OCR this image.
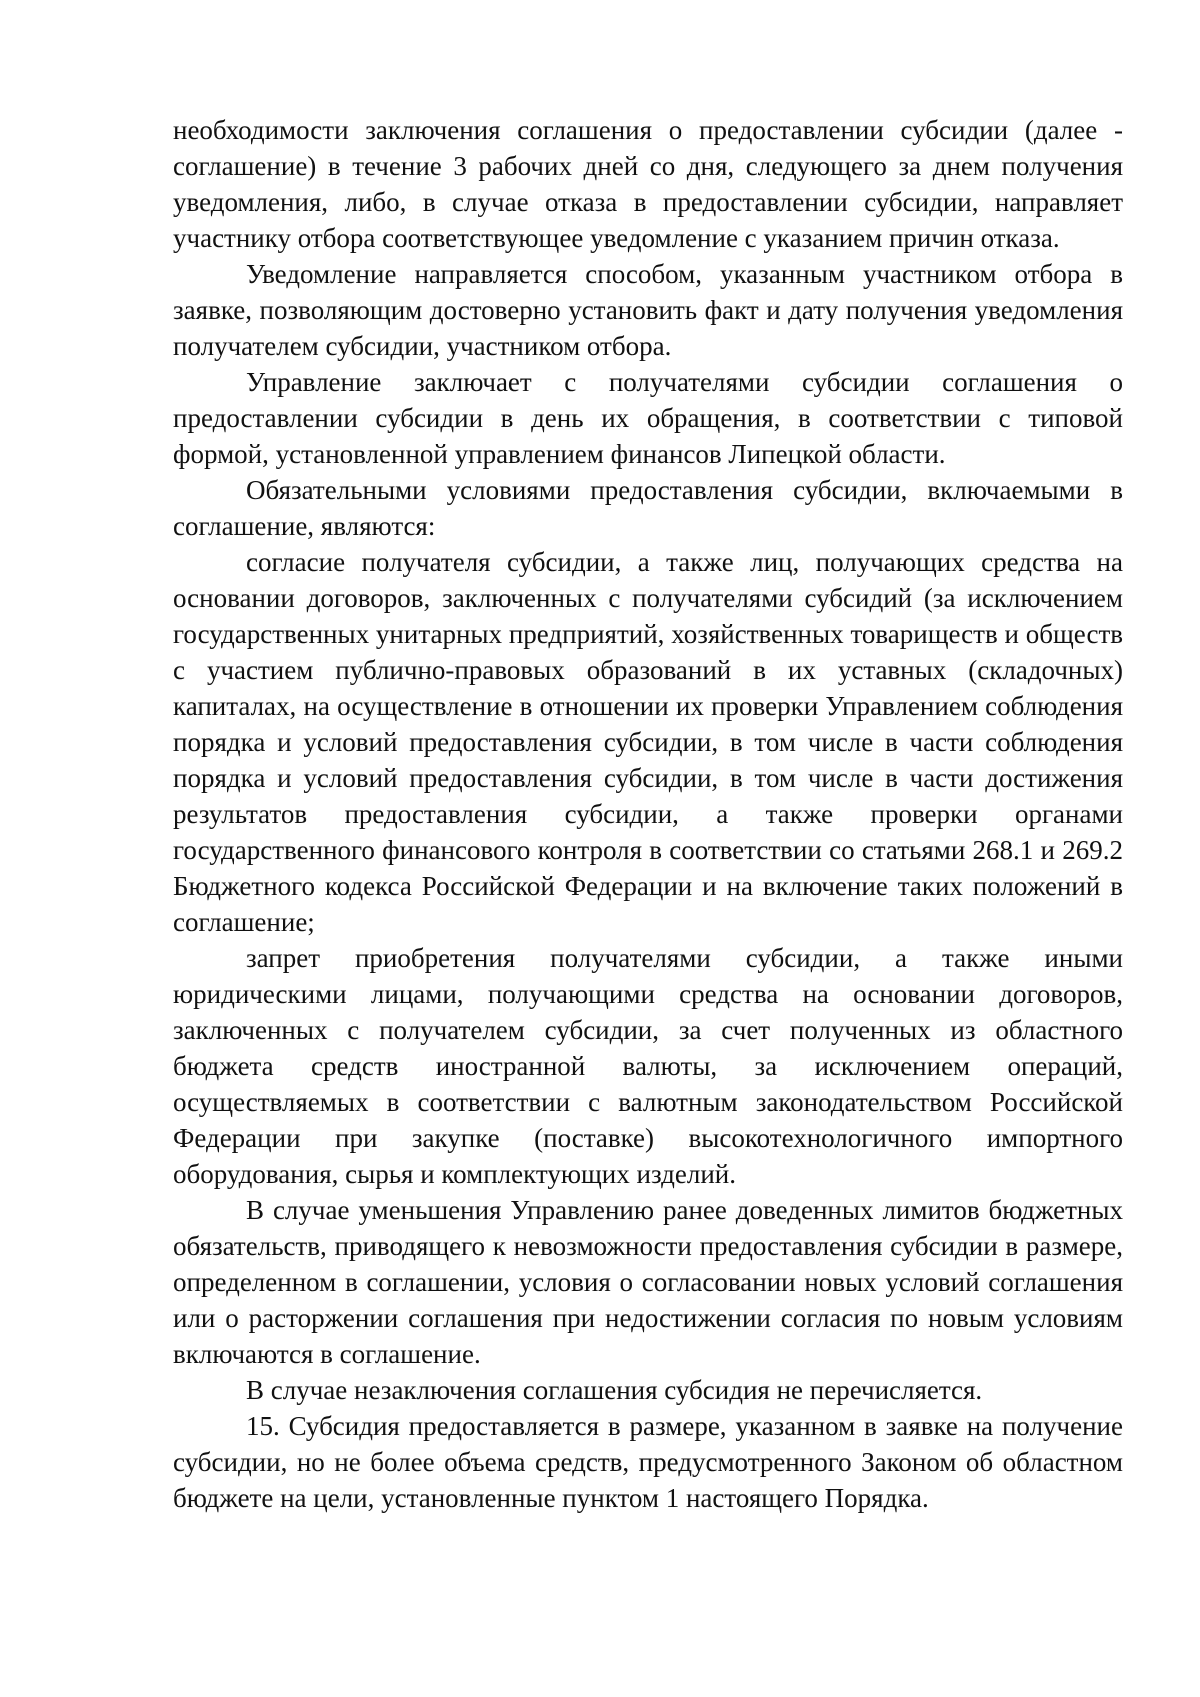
необходимости заключения соглашения о предоставлении субсидии (далее - соглашение) в течение 3 рабочих дней со дня, следующего за днем получения уведомления, либо, в случае отказа в предоставлении субсидии, направляет участнику отбора соответствующее уведомление с указанием причин отказа.

Уведомление направляется способом, указанным участником отбора в заявке, позволяющим достоверно установить факт и дату получения уведомления получателем субсидии, участником отбора.

Управление заключает с получателями субсидии соглашения о предоставлении субсидии в день их обращения, в соответствии с типовой формой, установленной управлением финансов Липецкой области.

Обязательными условиями предоставления субсидии, включаемыми в соглашение, являются:

согласие получателя субсидии, а также лиц, получающих средства на основании договоров, заключенных с получателями субсидий (за исключением государственных унитарных предприятий, хозяйственных товариществ и обществ с участием публично-правовых образований в их уставных (складочных) капиталах, на осуществление в отношении их проверки Управлением соблюдения порядка и условий предоставления субсидии, в том числе в части соблюдения порядка и условий предоставления субсидии, в том числе в части достижения результатов предоставления субсидии, а также проверки органами государственного финансового контроля в соответствии со статьями 268.1 и 269.2 Бюджетного кодекса Российской Федерации и на включение таких положений в соглашение;

запрет приобретения получателями субсидии, а также иными юридическими лицами, получающими средства на основании договоров, заключенных с получателем субсидии, за счет полученных из областного бюджета средств иностранной валюты, за исключением операций, осуществляемых в соответствии с валютным законодательством Российской Федерации при закупке (поставке) высокотехнологичного импортного оборудования, сырья и комплектующих изделий.

В случае уменьшения Управлению ранее доведенных лимитов бюджетных обязательств, приводящего к невозможности предоставления субсидии в размере, определенном в соглашении, условия о согласовании новых условий соглашения или о расторжении соглашения при недостижении согласия по новым условиям включаются в соглашение.

В случае незаключения соглашения субсидия не перечисляется.

15. Субсидия предоставляется в размере, указанном в заявке на получение субсидии, но не более объема средств, предусмотренного Законом об областном бюджете на цели, установленные пунктом 1 настоящего Порядка.
